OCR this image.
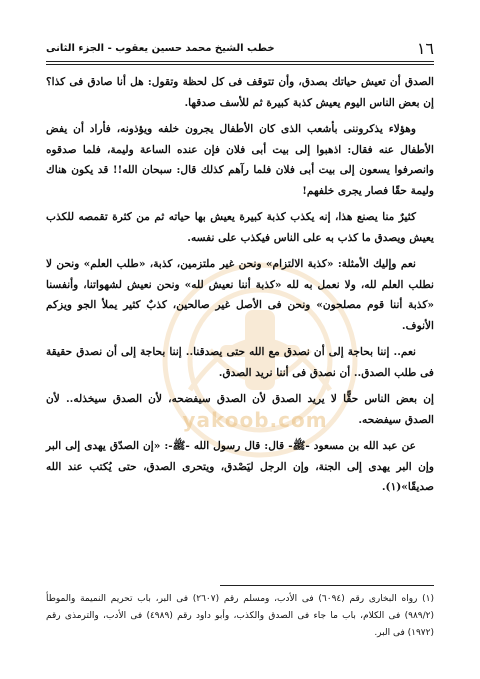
yakoob.com
١٦
خطب الشيخ محمد حسين يعقوب - الجزء الثانى

الصدق أن تعيش حياتك بصدق، وأن تتوقف فى كل لحظة وتقول: هل أنا صادق فى كذا؟ إن بعض الناس اليوم يعيش كذبة كبيرة ثم للأسف صدقها.

وهؤلاء يذكروننى بأشعب الذى كان الأطفال يجرون خلفه ويؤذونه، فأراد أن يفض الأطفال عنه فقال: اذهبوا إلى بيت أبى فلان فإن عنده الساعة وليمة، فلما صدقوه وانصرفوا يسعون إلى بيت أبى فلان فلما رآهم كذلك قال: سبحان الله!! قد يكون هناك وليمة حقًا فصار يجرى خلفهم!

كثيرٌ منا يصنع هذا، إنه يكذب كذبة كبيرة يعيش بها حياته ثم من كثرة تقمصه للكذب يعيش ويصدق ما كذب به على الناس فيكذب على نفسه.

نعم وإليك الأمثلة: «كذبة الالتزام» ونحن غير ملتزمين، كذبة، «طلب العلم» ونحن لا نطلب العلم لله، ولا نعمل به لله «كذبة أننا نعيش لله» ونحن نعيش لشهواتنا، وأنفسنا «كذبة أننا قوم مصلحون» ونحن فى الأصل غير صالحين، كذبٌ كثير يملأ الجو ويزكم الأنوف.

نعم.. إننا بحاجة إلى أن نصدق مع الله حتى يصدقنا.. إننا بحاجة إلى أن نصدق حقيقة فى طلب الصدق.. أن نصدق فى أننا نريد الصدق.

إن بعض الناس حقًّا لا يريد الصدق لأن الصدق سيفضحه، لأن الصدق سيخذله.. لأن الصدق سيفضحه.

عن عبد الله بن مسعود -ﷺ- قال: قال رسول الله -ﷺ-: «إن الصدّق يهدى إلى البر وإن البر يهدى إلى الجنة، وإن الرجل ليَصْدق، ويتحرى الصدق، حتى يُكتب عند الله صديقًا»(١).

(١) رواه البخارى رقم (٦٠٩٤) فى الأدب، ومسلم رقم (٢٦٠٧) فى البر، باب تحريم النميمة والموطأ (٩٨٩/٢) فى الكلام، باب ما جاء فى الصدق والكذب، وأبو داود رقم (٤٩٨٩) فى الأدب، والترمذى رقم (١٩٧٢) فى البر.
